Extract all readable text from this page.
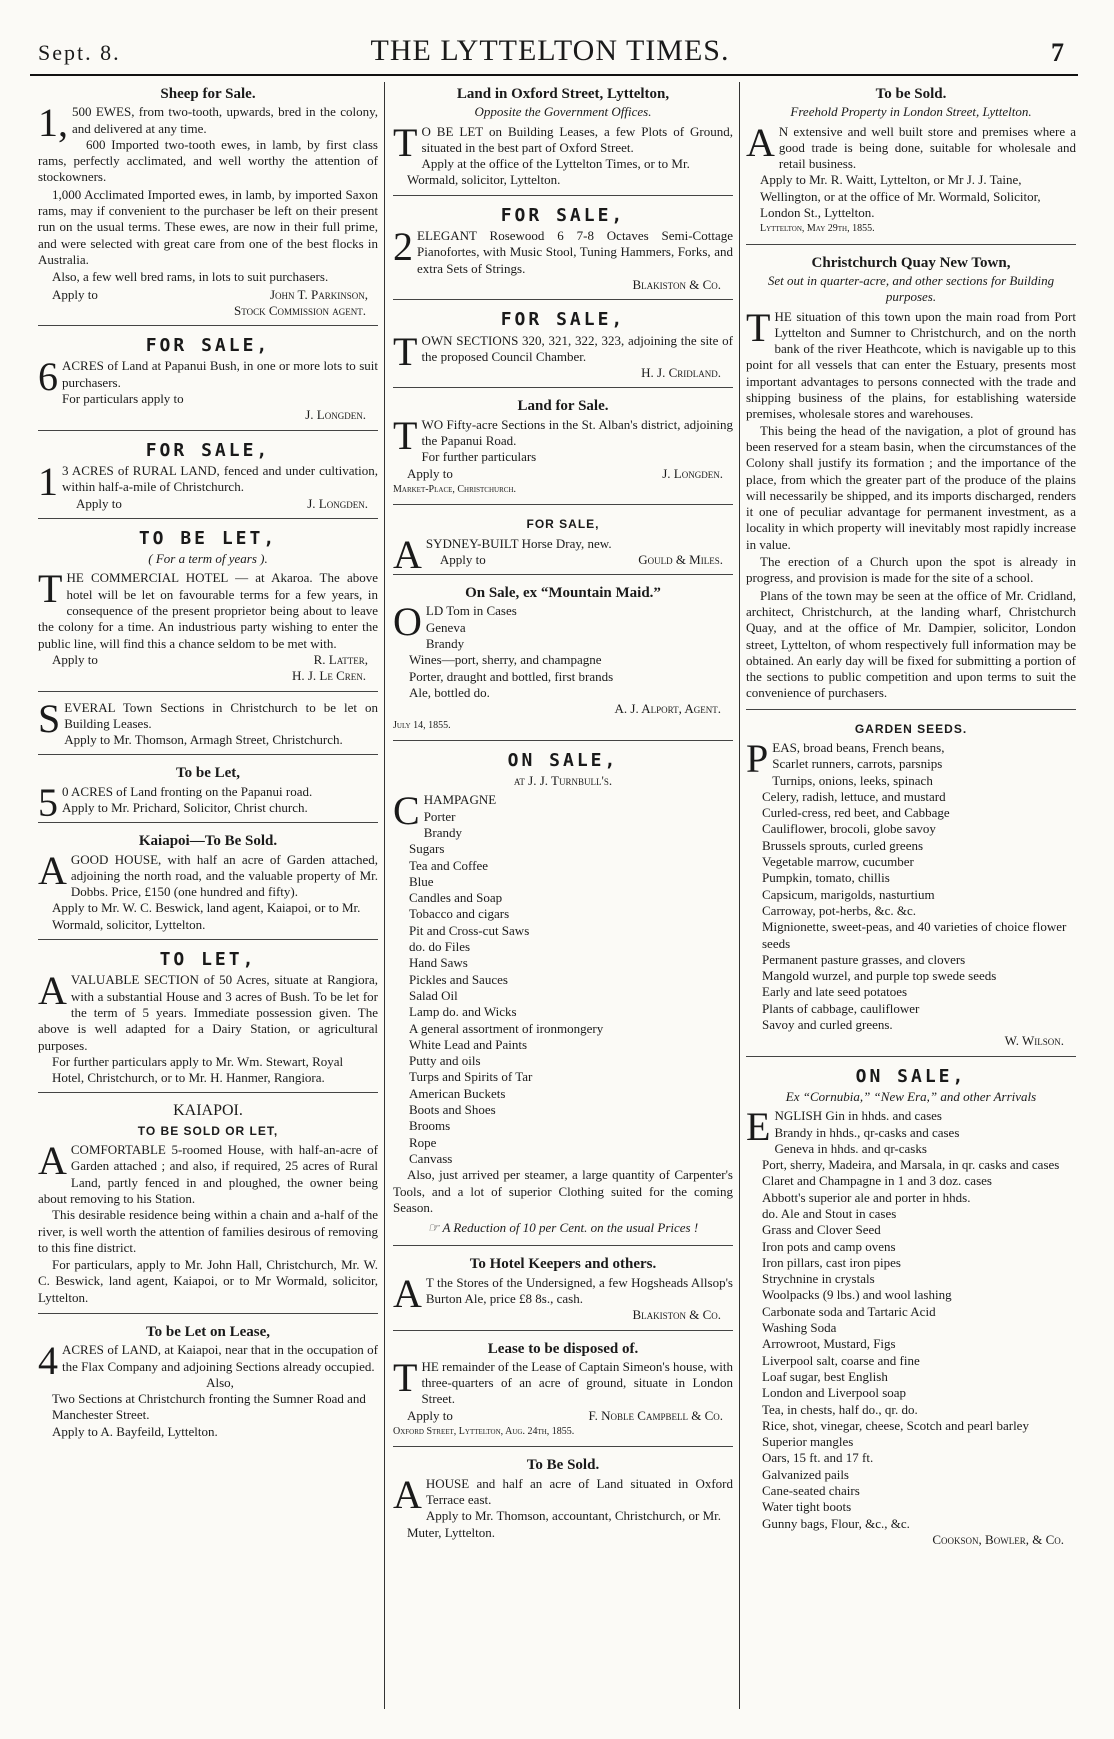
Sept. 8.	THE LYTTELTON TIMES.	7
Sheep for Sale.

1,500 EWES, from two-tooth, upwards, bred in the colony, and delivered at any time.

600 Imported two-tooth ewes, in lamb, by first class rams, perfectly acclimated, and well worthy the attention of stockowners.

1,000 Acclimated Imported ewes, in lamb, by imported Saxon rams, may if convenient to the purchaser be left on their present run on the usual terms. These ewes, are now in their full prime, and were selected with great care from one of the best flocks in Australia.

Also, a few well bred rams, in lots to suit purchasers.

Apply to	John T. Parkinson,
Stock Commission agent.
FOR SALE,

6ACRES of Land at Papanui Bush, in one or more lots to suit purchasers.

For particulars apply to

J. Longden.
FOR SALE,

13 ACRES of RURAL LAND, fenced and under cultivation, within half-a-mile of Christchurch.

Apply to	J. Longden.
TO BE LET,
( For a term of years ).

THE COMMERCIAL HOTEL — at Akaroa. The above hotel will be let on favourable terms for a few years, in consequence of the present proprietor being about to leave the colony for a time. An industrious party wishing to enter the public line, will find this a chance seldom to be met with.

Apply to	R. Latter,
H. J. Le Cren.

SEVERAL Town Sections in Christchurch to be let on Building Leases.

Apply to Mr. Thomson, Armagh Street, Christchurch.

To be Let,

50 ACRES of Land fronting on the Papanui road.

Apply to Mr. Prichard, Solicitor, Christ church.

Kaiapoi—To Be Sold.

AGOOD HOUSE, with half an acre of Garden attached, adjoining the north road, and the valuable property of Mr. Dobbs. Price, £150 (one hundred and fifty).

Apply to Mr. W. C. Beswick, land agent, Kaiapoi, or to Mr. Wormald, solicitor, Lyttelton.

TO LET,

AVALUABLE SECTION of 50 Acres, situate at Rangiora, with a substantial House and 3 acres of Bush. To be let for the term of 5 years. Immediate possession given. The above is well adapted for a Dairy Station, or agricultural purposes.

For further particulars apply to Mr. Wm. Stewart, Royal Hotel, Christchurch, or to Mr. H. Hanmer, Rangiora.

KAIAPOI.
TO BE SOLD OR LET,

ACOMFORTABLE 5-roomed House, with half-an-acre of Garden attached ; and also, if required, 25 acres of Rural Land, partly fenced in and ploughed, the owner being about removing to his Station.

This desirable residence being within a chain and a-half of the river, is well worth the attention of families desirous of removing to this fine district.

For particulars, apply to Mr. John Hall, Christchurch, Mr. W. C. Beswick, land agent, Kaiapoi, or to Mr Wormald, solicitor, Lyttelton.

To be Let on Lease,

4ACRES of LAND, at Kaiapoi, near that in the occupation of the Flax Company and adjoining Sections already occupied.

Also,

Two Sections at Christchurch fronting the Sumner Road and Manchester Street.

Apply to A. Bayfeild, Lyttelton.

Land in Oxford Street, Lyttelton,
Opposite the Government Offices.

TO BE LET on Building Leases, a few Plots of Ground, situated in the best part of Oxford Street.

Apply at the office of the Lyttelton Times, or to Mr. Wormald, solicitor, Lyttelton.

FOR SALE,

2ELEGANT Rosewood 6 7-8 Octaves Semi-Cottage Pianofortes, with Music Stool, Tuning Hammers, Forks, and extra Sets of Strings.

Blakiston & Co.
FOR SALE,

TOWN SECTIONS 320, 321, 322, 323, adjoining the site of the proposed Council Chamber.

H. J. Cridland.
Land for Sale.

TWO Fifty-acre Sections in the St. Alban's district, adjoining the Papanui Road.

For further particulars

Apply to	J. Longden.
Market-Place, Christchurch.
FOR SALE,

ASYDNEY-BUILT Horse Dray, new.

Apply to	Gould & Miles.
On Sale, ex “Mountain Maid.”

OLD Tom in Cases

Geneva

Brandy

Wines—port, sherry, and champagne

Porter, draught and bottled, first brands

Ale, bottled do.

A. J. Alport, Agent.
July 14, 1855.
ON SALE,
at J. J. Turnbull's.

CHAMPAGNE

Porter

Brandy

Sugars

Tea and Coffee

Blue

Candles and Soap

Tobacco and cigars

Pit and Cross-cut Saws

do. do Files

Hand Saws

Pickles and Sauces

Salad Oil

Lamp do. and Wicks

A general assortment of ironmongery

White Lead and Paints

Putty and oils

Turps and Spirits of Tar

American Buckets

Boots and Shoes

Brooms

Rope

Canvass

Also, just arrived per steamer, a large quantity of Carpenter's Tools, and a lot of superior Clothing suited for the coming Season.

☞ A Reduction of 10 per Cent. on the usual Prices !
To Hotel Keepers and others.

AT the Stores of the Undersigned, a few Hogsheads Allsop's Burton Ale, price £8 8s., cash.

Blakiston & Co.
Lease to be disposed of.

THE remainder of the Lease of Captain Simeon's house, with three-quarters of an acre of ground, situate in London Street.

Apply to	F. Noble Campbell & Co.
Oxford Street, Lyttelton, Aug. 24th, 1855.
To Be Sold.

AHOUSE and half an acre of Land situated in Oxford Terrace east.

Apply to Mr. Thomson, accountant, Christchurch, or Mr. Muter, Lyttelton.

To be Sold.
Freehold Property in London Street, Lyttelton.

AN extensive and well built store and premises where a good trade is being done, suitable for wholesale and retail business.

Apply to Mr. R. Waitt, Lyttelton, or Mr J. J. Taine, Wellington, or at the office of Mr. Wormald, Solicitor, London St., Lyttelton.

Lyttelton, May 29th, 1855.
Christchurch Quay New Town,
Set out in quarter-acre, and other sections for Building purposes.

THE situation of this town upon the main road from Port Lyttelton and Sumner to Christchurch, and on the north bank of the river Heathcote, which is navigable up to this point for all vessels that can enter the Estuary, presents most important advantages to persons connected with the trade and shipping business of the plains, for establishing waterside premises, wholesale stores and warehouses.

This being the head of the navigation, a plot of ground has been reserved for a steam basin, when the circumstances of the Colony shall justify its formation ; and the importance of the place, from which the greater part of the produce of the plains will necessarily be shipped, and its imports discharged, renders it one of peculiar advantage for permanent investment, as a locality in which property will inevitably most rapidly increase in value.

The erection of a Church upon the spot is already in progress, and provision is made for the site of a school.

Plans of the town may be seen at the office of Mr. Cridland, architect, Christchurch, at the landing wharf, Christchurch Quay, and at the office of Mr. Dampier, solicitor, London street, Lyttelton, of whom respectively full information may be obtained. An early day will be fixed for submitting a portion of the sections to public competition and upon terms to suit the convenience of purchasers.

GARDEN SEEDS.

PEAS, broad beans, French beans,

Scarlet runners, carrots, parsnips

Turnips, onions, leeks, spinach

Celery, radish, lettuce, and mustard

Curled-cress, red beet, and Cabbage

Cauliflower, brocoli, globe savoy

Brussels sprouts, curled greens

Vegetable marrow, cucumber

Pumpkin, tomato, chillis

Capsicum, marigolds, nasturtium

Carroway, pot-herbs, &c. &c.

Mignionette, sweet-peas, and 40 varieties of choice flower seeds

Permanent pasture grasses, and clovers

Mangold wurzel, and purple top swede seeds

Early and late seed potatoes

Plants of cabbage, cauliflower

Savoy and curled greens.

W. Wilson.
ON SALE,
Ex “Cornubia,” “New Era,” and other Arrivals

ENGLISH Gin in hhds. and cases

Brandy in hhds., qr-casks and cases

Geneva in hhds. and qr-casks

Port, sherry, Madeira, and Marsala, in qr. casks and cases

Claret and Champagne in 1 and 3 doz. cases

Abbott's superior ale and porter in hhds.

do. Ale and Stout in cases

Grass and Clover Seed

Iron pots and camp ovens

Iron pillars, cast iron pipes

Strychnine in crystals

Woolpacks (9 lbs.) and wool lashing

Carbonate soda and Tartaric Acid

Washing Soda

Arrowroot, Mustard, Figs

Liverpool salt, coarse and fine

Loaf sugar, best English

London and Liverpool soap

Tea, in chests, half do., qr. do.

Rice, shot, vinegar, cheese, Scotch and pearl barley

Superior mangles

Oars, 15 ft. and 17 ft.

Galvanized pails

Cane-seated chairs

Water tight boots

Gunny bags, Flour, &c., &c.

Cookson, Bowler, & Co.
